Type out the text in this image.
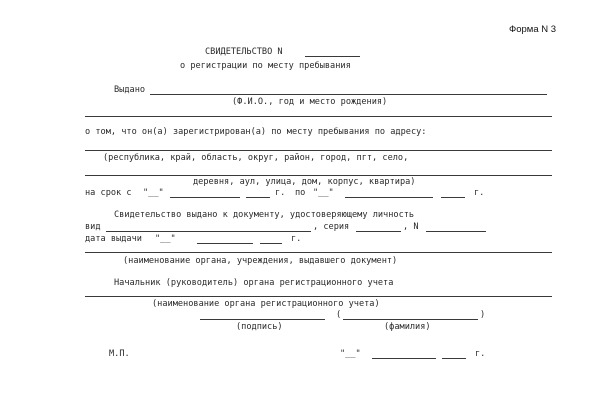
Форма N 3
СВИДЕТЕЛЬСТВО N
о регистрации по месту пребывания
Выдано
(Ф.И.О., год и место рождения)
о том, что он(а) зарегистрирован(а) по месту пребывания по адресу:
(республика, край, область, округ, район, город, пгт, село,
деревня, аул, улица, дом, корпус, квартира)
на срок с "__"	г. по "__"	г.
Свидетельство выдано к документу, удостоверяющему личность
вид	, серия	, N
дата выдачи "__"	г.
(наименование органа, учреждения, выдавшего документ)
Начальник (руководитель) органа регистрационного учета
(наименование органа регистрационного учета)
(	)
(подпись)	(фамилия)
М.П.	"__"	г.
